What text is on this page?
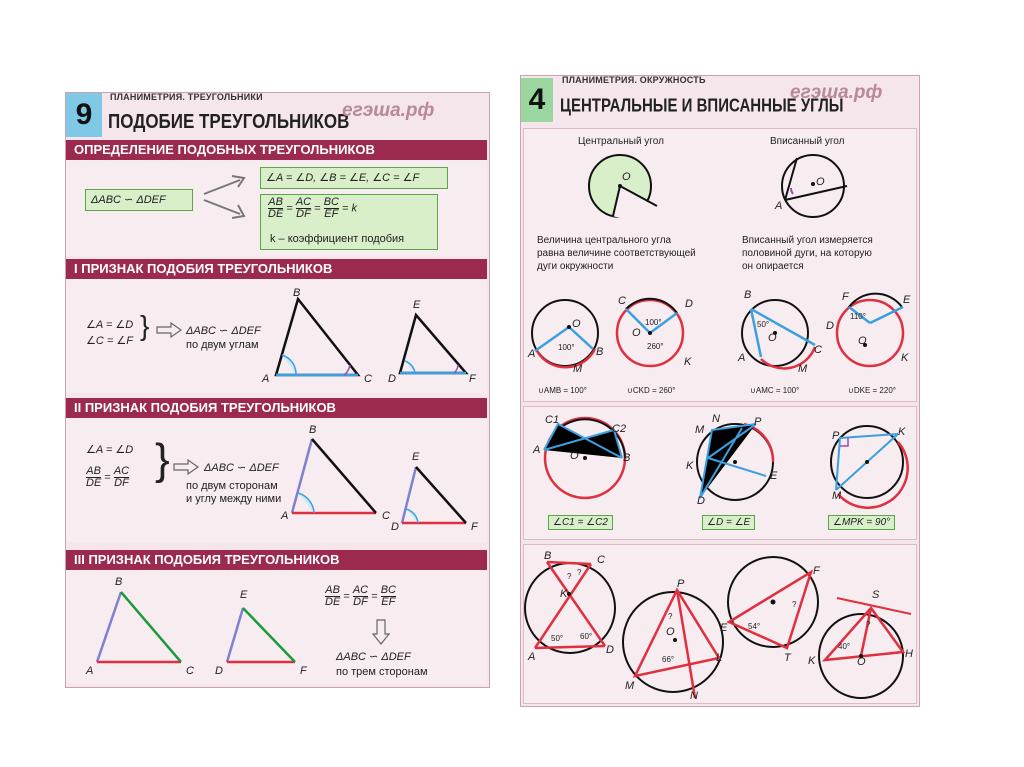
9
ПЛАНИМЕТРИЯ. ТРЕУГОЛЬНИКИ
ПОДОБИЕ ТРЕУГОЛЬНИКОВ
егэша.рф
ОПРЕДЕЛЕНИЕ ПОДОБНЫХ ТРЕУГОЛЬНИКОВ
ΔABC ∽ ΔDEF
∠A = ∠D, ∠B = ∠E, ∠C = ∠F
$\frac{AB}{DE} = \frac{AC}{DF} = \frac{BC}{EF} = k$
k – коэффициент подобия
I ПРИЗНАК ПОДОБИЯ ТРЕУГОЛЬНИКОВ
∠A = ∠D
∠C = ∠F }	ΔABC ∽ ΔDEF
по двум углам
A
B
C D
E
F
II ПРИЗНАК ПОДОБИЯ ТРЕУГОЛЬНИКОВ
∠A = ∠D
$\frac{AB}{DE} = \frac{AC}{DF}$ }	ΔABC ∽ ΔDEF
по двум сторонам
и углу между ними
A
B
C
D
E
F
III ПРИЗНАК ПОДОБИЯ ТРЕУГОЛЬНИКОВ
A
B
C D
E
F
$\frac{AB}{DE} = \frac{AC}{DF} = \frac{BC}{EF}$
ΔABC ∽ ΔDEF
по трем сторонам
4
ПЛАНИМЕТРИЯ. ОКРУЖНОСТЬ
ЦЕНТРАЛЬНЫЕ И ВПИСАННЫЕ УГЛЫ
егэша.рф
Центральный угол	Вписанный угол
O
A
O
Величина центрального угла
равна величине соответствующей
дуги окружности
Вписанный угол измеряется
половиной дуги, на которую
он опирается
100°
100°
260°
50°
110°
O
A	B
M
C	D
O
K
B
A
O
C
M
F	E
D
O
K
∪AMB = 100°	∪CKD = 260°	∪AMC = 100°	∪DKE = 220°
C1
C2
A	O	B
N	P
M
K
E
D
P	K
M
∠C1 = ∠C2	∠D = ∠E	∠MPK = 90°
B	C
K
A
D
50° 60°
? ?
P
O
L
M
N
66°
?
F
E
T
54°
?
S
K	O
H
40°
?
